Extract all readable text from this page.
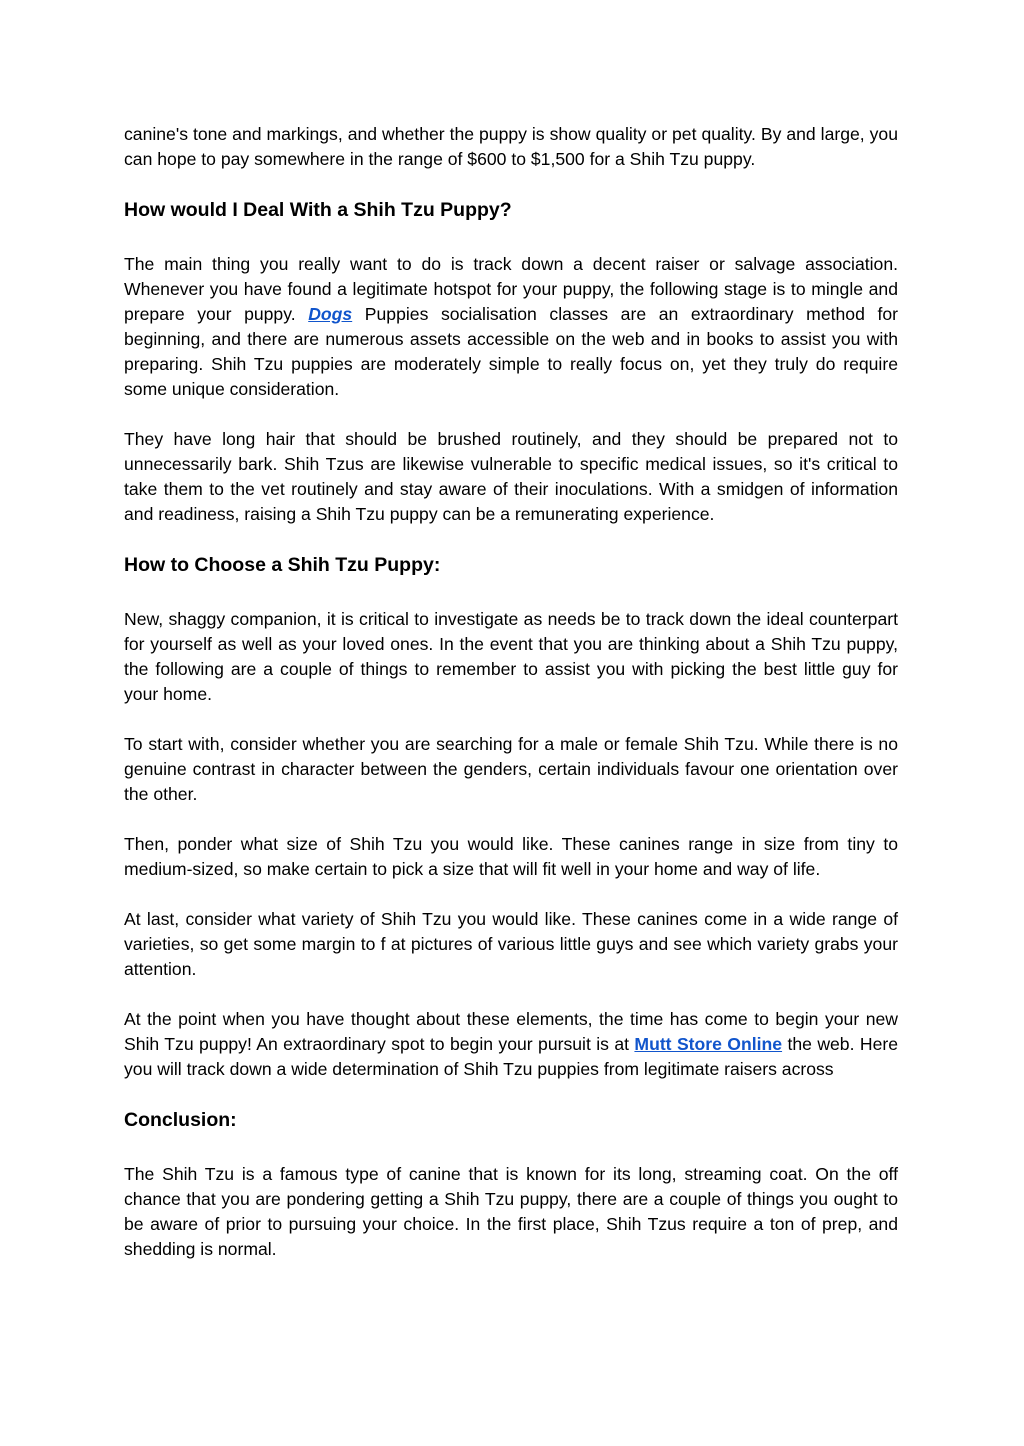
canine's tone and markings, and whether the puppy is show quality or pet quality. By and large, you can hope to pay somewhere in the range of $600 to $1,500 for a Shih Tzu puppy.

How would I Deal With a Shih Tzu Puppy?

The main thing you really want to do is track down a decent raiser or salvage association. Whenever you have found a legitimate hotspot for your puppy, the following stage is to mingle and prepare your puppy. Dogs Puppies socialisation classes are an extraordinary method for beginning, and there are numerous assets accessible on the web and in books to assist you with preparing. Shih Tzu puppies are moderately simple to really focus on, yet they truly do require some unique consideration.

They have long hair that should be brushed routinely, and they should be prepared not to unnecessarily bark. Shih Tzus are likewise vulnerable to specific medical issues, so it's critical to take them to the vet routinely and stay aware of their inoculations. With a smidgen of information and readiness, raising a Shih Tzu puppy can be a remunerating experience.

How to Choose a Shih Tzu Puppy:

New, shaggy companion, it is critical to investigate as needs be to track down the ideal counterpart for yourself as well as your loved ones. In the event that you are thinking about a Shih Tzu puppy, the following are a couple of things to remember to assist you with picking the best little guy for your home.

To start with, consider whether you are searching for a male or female Shih Tzu. While there is no genuine contrast in character between the genders, certain individuals favour one orientation over the other.

Then, ponder what size of Shih Tzu you would like. These canines range in size from tiny to medium-sized, so make certain to pick a size that will fit well in your home and way of life.

At last, consider what variety of Shih Tzu you would like. These canines come in a wide range of varieties, so get some margin to f at pictures of various little guys and see which variety grabs your attention.

At the point when you have thought about these elements, the time has come to begin your new Shih Tzu puppy! An extraordinary spot to begin your pursuit is at Mutt Store Online the web. Here you will track down a wide determination of Shih Tzu puppies from legitimate raisers across

Conclusion:

The Shih Tzu is a famous type of canine that is known for its long, streaming coat. On the off chance that you are pondering getting a Shih Tzu puppy, there are a couple of things you ought to be aware of prior to pursuing your choice. In the first place, Shih Tzus require a ton of prep, and shedding is normal.
